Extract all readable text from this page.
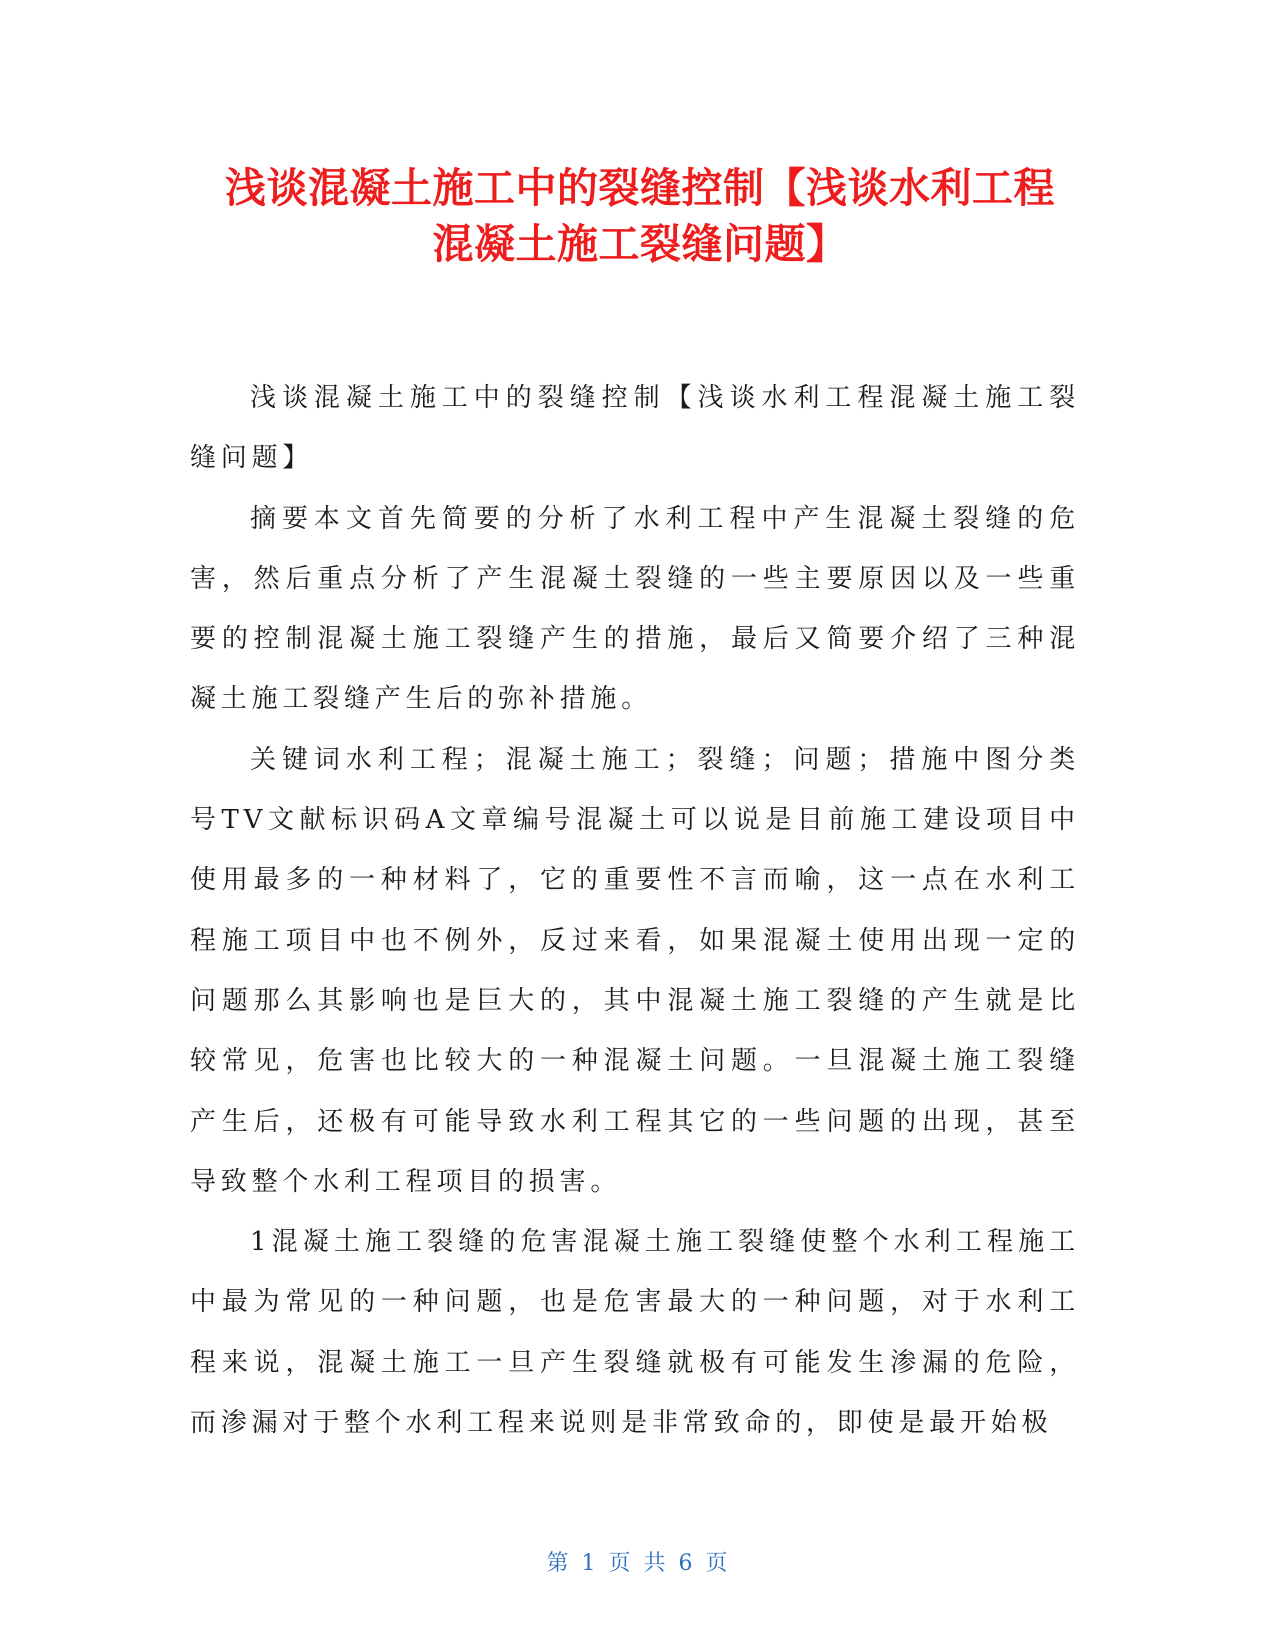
浅谈混凝土施工中的裂缝控制【浅谈水利工程
混凝土施工裂缝问题】

浅谈混凝土施工中的裂缝控制【浅谈水利工程混凝土施工裂缝问题】

摘要本文首先简要的分析了水利工程中产生混凝土裂缝的危害，然后重点分析了产生混凝土裂缝的一些主要原因以及一些重要的控制混凝土施工裂缝产生的措施，最后又简要介绍了三种混凝土施工裂缝产生后的弥补措施。

关键词水利工程；混凝土施工；裂缝；问题；措施中图分类号TV文献标识码A文章编号混凝土可以说是目前施工建设项目中使用最多的一种材料了，它的重要性不言而喻，这一点在水利工程施工项目中也不例外，反过来看，如果混凝土使用出现一定的问题那么其影响也是巨大的，其中混凝土施工裂缝的产生就是比较常见，危害也比较大的一种混凝土问题。一旦混凝土施工裂缝产生后，还极有可能导致水利工程其它的一些问题的出现，甚至导致整个水利工程项目的损害。

1混凝土施工裂缝的危害混凝土施工裂缝使整个水利工程施工中最为常见的一种问题，也是危害最大的一种问题，对于水利工程来说，混凝土施工一旦产生裂缝就极有可能发生渗漏的危险，而渗漏对于整个水利工程来说则是非常致命的，即使是最开始极

第 1 页 共 6 页
